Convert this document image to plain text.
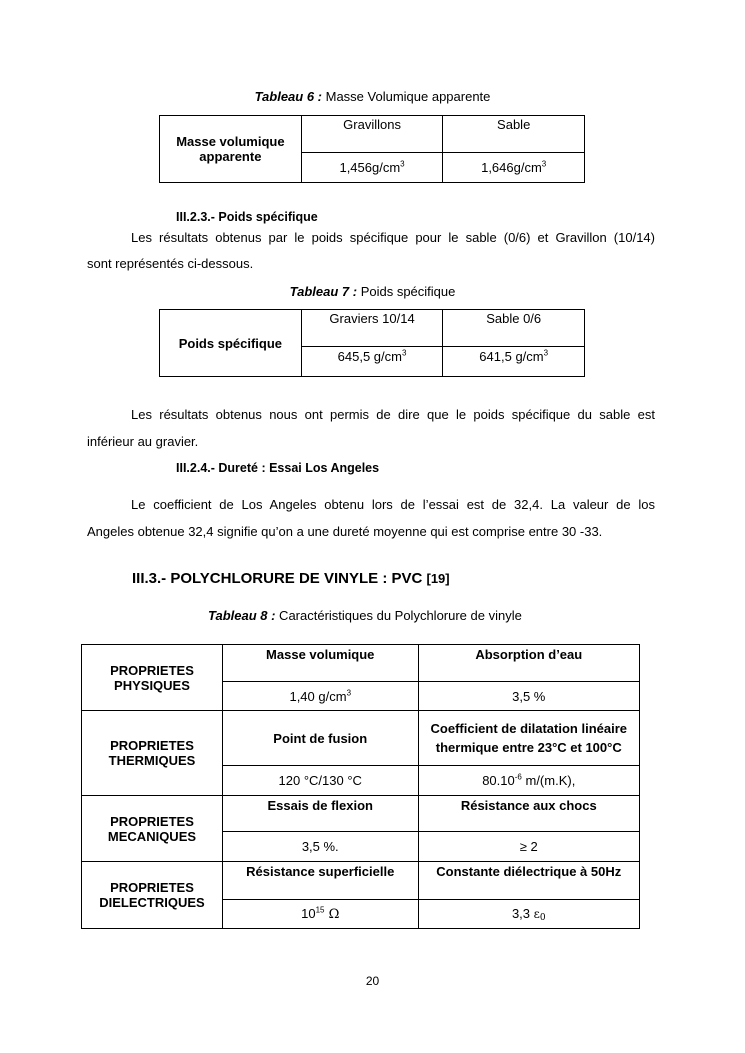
Tableau 6 : Masse Volumique apparente
Masse volumique apparente	Gravillons	Sable
	$1,456g/cm^3$	$1,646g/cm^3$
III.2.3.- Poids spécifique
Les résultats obtenus par le poids spécifique pour le sable (0/6) et Gravillon (10/14)
sont représentés ci-dessous.
Tableau 7 : Poids spécifique
Poids spécifique	Graviers 10/14	Sable 0/6
	645,5 $g/cm^3$	641,5 $g/cm^3$
Les résultats obtenus nous ont permis de dire que le poids spécifique du sable est
inférieur au gravier.
III.2.4.- Dureté : Essai Los Angeles
Le coefficient de Los Angeles obtenu lors de l’essai est de 32,4. La valeur de los
Angeles obtenue 32,4 signifie qu’on a une dureté moyenne qui est comprise entre 30 -33.
III.3.- POLYCHLORURE DE VINYLE : PVC [19]
Tableau 8 : Caractéristiques du Polychlorure de vinyle
PROPRIETES PHYSIQUES	Masse volumique	Absorption d’eau
	1,40 $g/cm^3$	3,5 %
PROPRIETES THERMIQUES	Point de fusion	Coefficient de dilatation linéaire thermique entre 23°C et 100°C
	120 °C/130 °C	$80.10^{-6}$ m/(m.K),
PROPRIETES MECANIQUES	Essais de flexion	Résistance aux chocs
	3,5 %.	≥ 2
PROPRIETES DIELECTRIQUES	Résistance superficielle	Constante diélectrique à 50Hz
	$10^{15}$ Ω	3,3 ε0
20
